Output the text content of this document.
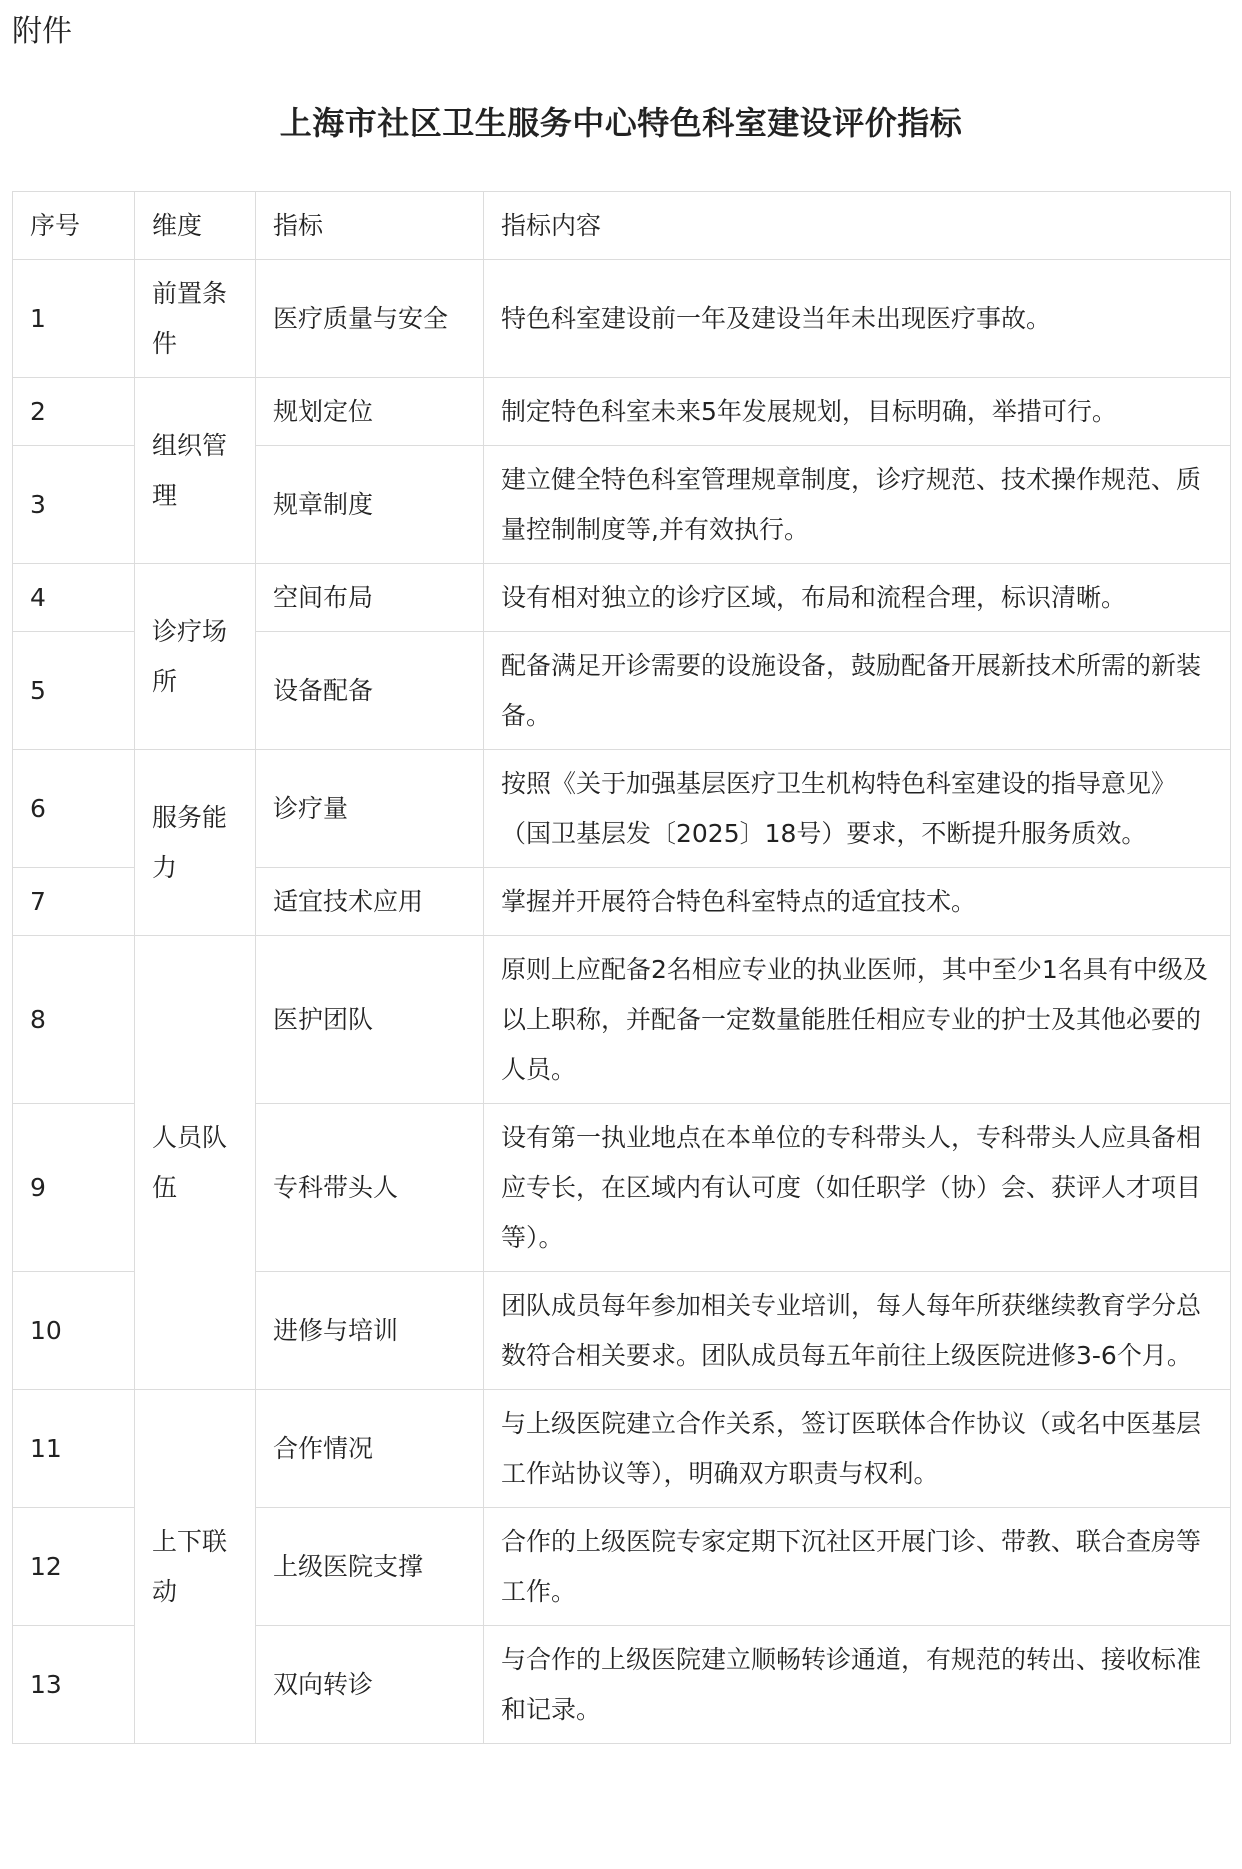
附件
上海市社区卫生服务中心特色科室建设评价指标
序号	维度	指标	指标内容
1	前置条件	医疗质量与安全	特色科室建设前一年及建设当年未出现医疗事故。
2	组织管理	规划定位	制定特色科室未来5年发展规划，目标明确，举措可行。
3		规章制度	建立健全特色科室管理规章制度，诊疗规范、技术操作规范、质量控制制度等,并有效执行。
4	诊疗场所	空间布局	设有相对独立的诊疗区域，布局和流程合理，标识清晰。
5		设备配备	配备满足开诊需要的设施设备，鼓励配备开展新技术所需的新装备。
6	服务能力	诊疗量	按照《关于加强基层医疗卫生机构特色科室建设的指导意见》（国卫基层发〔2025〕18号）要求，不断提升服务质效。
7		适宜技术应用	掌握并开展符合特色科室特点的适宜技术。
8	人员队伍	医护团队	原则上应配备2名相应专业的执业医师，其中至少1名具有中级及以上职称，并配备一定数量能胜任相应专业的护士及其他必要的人员。
9		专科带头人	设有第一执业地点在本单位的专科带头人，专科带头人应具备相应专长，在区域内有认可度（如任职学（协）会、获评人才项目等）。
10		进修与培训	团队成员每年参加相关专业培训，每人每年所获继续教育学分总数符合相关要求。团队成员每五年前往上级医院进修3-6个月。
11	上下联动	合作情况	与上级医院建立合作关系，签订医联体合作协议（或名中医基层工作站协议等），明确双方职责与权利。
12		上级医院支撑	合作的上级医院专家定期下沉社区开展门诊、带教、联合查房等工作。
13		双向转诊	与合作的上级医院建立顺畅转诊通道，有规范的转出、接收标准和记录。
